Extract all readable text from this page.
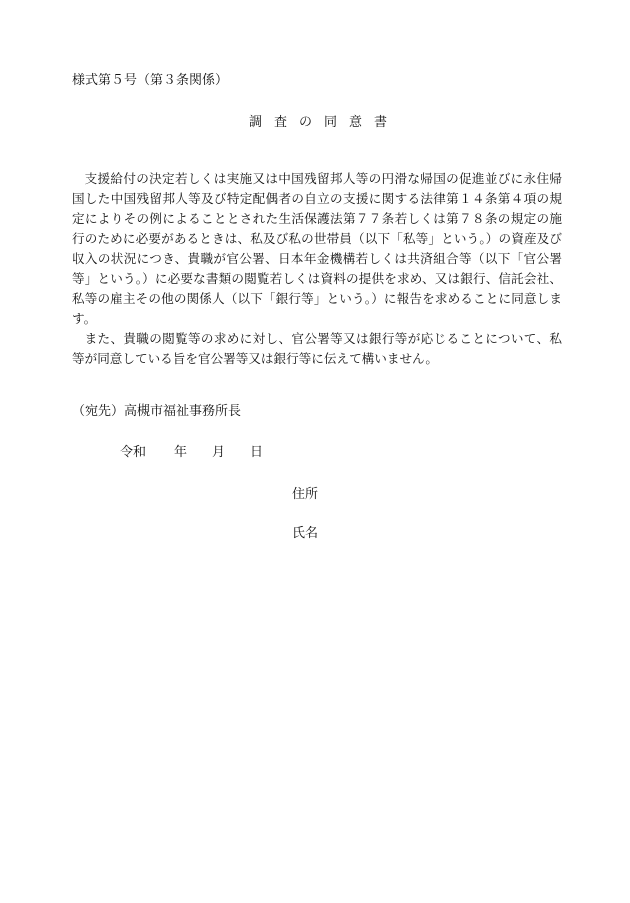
様式第５号（第３条関係）
調査の同意書

支援給付の決定若しくは実施又は中国残留邦人等の円滑な帰国の促進並びに永住帰国した中国残留邦人等及び特定配偶者の自立の支援に関する法律第１４条第４項の規定によりその例によることとされた生活保護法第７７条若しくは第７８条の規定の施行のために必要があるときは、私及び私の世帯員（以下「私等」という。）の資産及び収入の状況につき、貴職が官公署、日本年金機構若しくは共済組合等（以下「官公署等」という。）に必要な書類の閲覧若しくは資料の提供を求め、又は銀行、信託会社、私等の雇主その他の関係人（以下「銀行等」という。）に報告を求めることに同意します。

また、貴職の閲覧等の求めに対し、官公署等又は銀行等が応じることについて、私等が同意している旨を官公署等又は銀行等に伝えて構いません。

（宛先）高槻市福祉事務所長
令和 年 月 日
住所
氏名
